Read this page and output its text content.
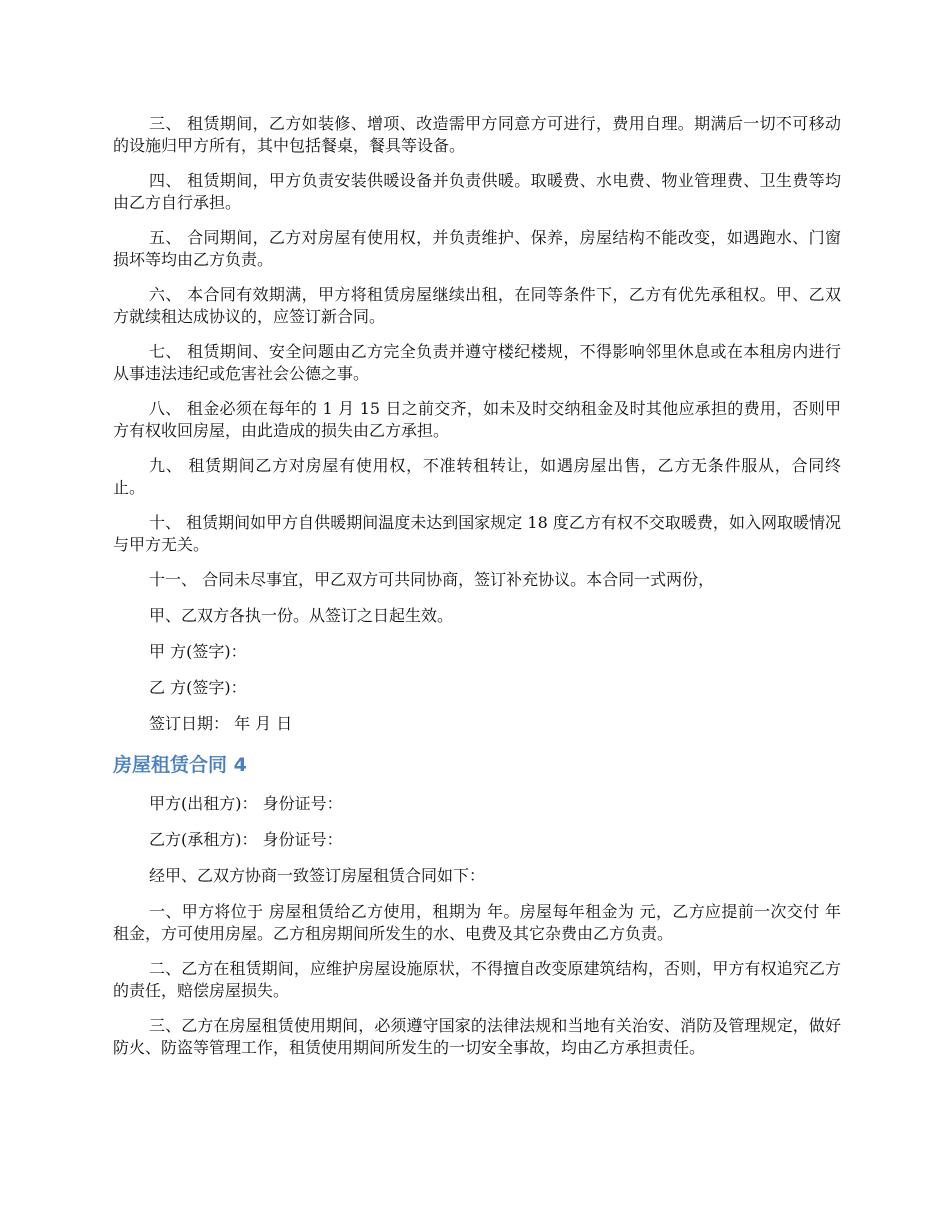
三、 租赁期间，乙方如装修、增项、改造需甲方同意方可进行，费用自理。期满后一切不可移动的设施归甲方所有，其中包括餐桌，餐具等设备。

四、 租赁期间，甲方负责安装供暖设备并负责供暖。取暖费、水电费、物业管理费、卫生费等均由乙方自行承担。

五、 合同期间，乙方对房屋有使用权，并负责维护、保养，房屋结构不能改变，如遇跑水、门窗损坏等均由乙方负责。

六、 本合同有效期满，甲方将租赁房屋继续出租，在同等条件下，乙方有优先承租权。甲、乙双方就续租达成协议的，应签订新合同。

七、 租赁期间、安全问题由乙方完全负责并遵守楼纪楼规，不得影响邻里休息或在本租房内进行从事违法违纪或危害社会公德之事。

八、 租金必须在每年的 1 月 15 日之前交齐，如未及时交纳租金及时其他应承担的费用，否则甲方有权收回房屋，由此造成的损失由乙方承担。

九、 租赁期间乙方对房屋有使用权，不准转租转让，如遇房屋出售，乙方无条件服从，合同终止。

十、 租赁期间如甲方自供暖期间温度未达到国家规定 18 度乙方有权不交取暖费，如入网取暖情况与甲方无关。

十一、 合同未尽事宜，甲乙双方可共同协商，签订补充协议。本合同一式两份，

甲、乙双方各执一份。从签订之日起生效。

甲 方(签字)：

乙 方(签字)：

签订日期： 年 月 日

房屋租赁合同 4

甲方(出租方)： 身份证号：

乙方(承租方)： 身份证号：

经甲、乙双方协商一致签订房屋租赁合同如下：

一、甲方将位于 房屋租赁给乙方使用，租期为 年。房屋每年租金为 元，乙方应提前一次交付 年租金，方可使用房屋。乙方租房期间所发生的水、电费及其它杂费由乙方负责。

二、乙方在租赁期间，应维护房屋设施原状，不得擅自改变原建筑结构，否则，甲方有权追究乙方的责任，赔偿房屋损失。

三、乙方在房屋租赁使用期间，必须遵守国家的法律法规和当地有关治安、消防及管理规定，做好防火、防盗等管理工作，租赁使用期间所发生的一切安全事故，均由乙方承担责任。
